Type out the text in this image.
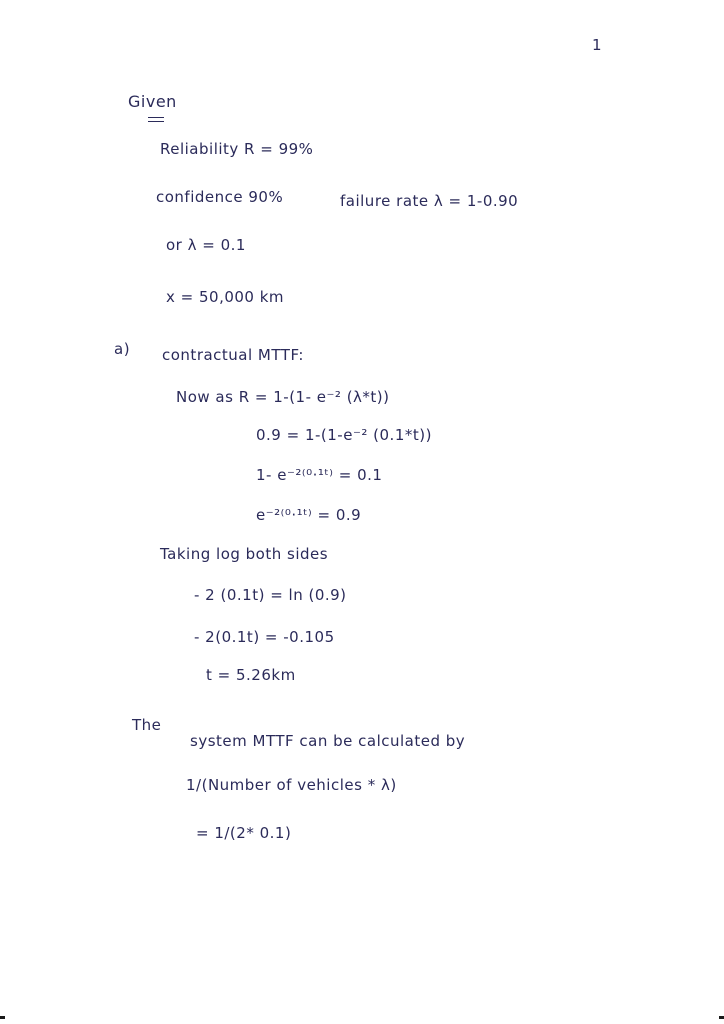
1
Given
Reliability R = 99%
confidence 90%	failure rate λ = 1-0.90
or λ = 0.1
x = 50,000 km
a) contractual MTTF:
Now as R = 1-(1- e⁻² (λ*t))
0.9 = 1-(1-e⁻² (0.1*t))
1- e⁻²⁽⁰·¹ᵗ⁾ = 0.1
e⁻²⁽⁰·¹ᵗ⁾ = 0.9
Taking log both sides
- 2 (0.1t) = ln (0.9)
- 2(0.1t) = -0.105
t = 5.26km
The
system MTTF can be calculated by
1/(Number of vehicles * λ)
= 1/(2* 0.1)
